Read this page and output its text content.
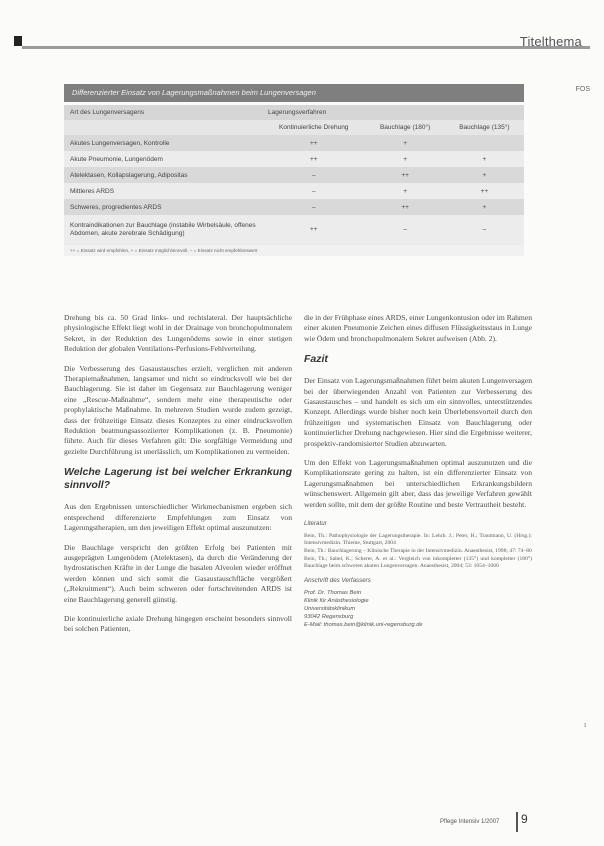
Titelthema
FOS
Differenzierter Einsatz von Lagerungsmaßnahmen beim Lungenversagen
Art des Lungenversagens	Lagerungsverfahren		
	Kontinuierliche Drehung	Bauchlage (180°)	Bauchlage (135°)
Akutes Lungenversagen, Kontrolle	++	+	
Akute Pneumonie, Lungenödem	++	+	+
Atelektasen, Kollapslagerung, Adipositas	–	++	+
Mittleres ARDS	–	+	++
Schweres, progredientes ARDS	–	++	+
Kontraindikationen zur Bauchlage (instabile Wirbelsäule, offenes Abdomen, akute zerebrale Schädigung)	++	–	–
++ = Einsatz wird empfohlen, + = Einsatz möglich/sinnvoll, – = Einsatz nicht empfehlenswert

Drehung bis ca. 50 Grad links- und rechtslateral. Der hauptsächliche physiologische Effekt liegt wohl in der Drainage von bronchopulmonalem Sekret, in der Reduktion des Lungenödems sowie in einer stetigen Reduktion der globalen Ventilations-Perfusions-Fehlverteilung.

Die Verbesserung des Gasaustausches erzielt, verglichen mit anderen Therapiemaßnahmen, langsamer und nicht so eindrucksvoll wie bei der Bauchlagerung. Sie ist daher im Gegensatz zur Bauchlagerung weniger eine „Rescue-Maßnahme“, sondern mehr eine therapeutische oder prophylaktische Maßnahme. In mehreren Studien wurde zudem gezeigt, dass der frühzeitige Einsatz dieses Konzeptes zu einer eindrucksvollen Reduktion beatmungsassoziierter Komplikationen (z. B. Pneumonie) führte. Auch für dieses Verfahren gilt: Die sorgfältige Vermeidung und gezielte Durchführung ist unerlässlich, um Komplikationen zu vermeiden.

Welche Lagerung ist bei welcher Erkrankung sinnvoll?

Aus den Ergebnissen unterschiedlicher Wirkmechanismen ergeben sich entsprechend differenzierte Empfehlungen zum Einsatz von Lagerungstherapien, um den jeweiligen Effekt optimal auszunutzen:

Die Bauchlage verspricht den größten Erfolg bei Patienten mit ausgeprägten Lungenödem (Atelektasen), da durch die Veränderung der hydrostatischen Kräfte in der Lunge die basalen Alveolen wieder eröffnet werden können und sich somit die Gasaustauschfläche vergrößert („Rekruitment“). Auch beim schweren oder fortschreitenden ARDS ist eine Bauchlagerung generell günstig.

Die kontinuierliche axiale Drehung hingegen erscheint besonders sinnvoll bei solchen Patienten,

die in der Frühphase eines ARDS, einer Lungenkontusion oder im Rahmen einer akuten Pneumonie Zeichen eines diffusen Flüssigkeitsstaus in Lunge wie Ödem und bronchopulmonalem Sekret aufweisen (Abb. 2).

Fazit

Der Einsatz von Lagerungsmaßnahmen führt beim akuten Lungenversagen bei der überwiegenden Anzahl von Patienten zur Verbesserung des Gasaustausches – und handelt es sich um ein sinnvolles, unterstützendes Konzept. Allerdings wurde bisher noch kein Überlebensvorteil durch den frühzeitigen und systematischen Einsatz von Bauchlagerung oder kontinuierlicher Drehung nachgewiesen. Hier sind die Ergebnisse weiterer, prospektiv-randomisierter Studien abzuwarten.

Um den Effekt von Lagerungsmaßnahmen optimal auszunutzen und die Komplikationsrate gering zu halten, ist ein differenzierter Einsatz von Lagerungsmaßnahmen bei unterschiedlichen Erkrankungsbildern wünschenswert. Allgemein gilt aber, dass das jeweilige Verfahren gewählt werden sollte, mit dem der größte Routine und beste Vertrautheit besteht.

Literatur

Bein, Th.: Pathophysiologie der Lagerungstherapie. In: Lehrb. J.; Peter, H.; Trautmann, U. (Hrsg.): Intensivmedizin. Thieme, Stuttgart, 2004

Bein, Th.: Bauchlagerung – Klinische Therapie in der Intensivmedizin. Anaesthesist, 1998; 47: 74–80

Bein, Th.; Sabel, K.; Scherer, A. et al.: Vergleich von inkompletter (135°) und kompletter (180°) Bauchlage beim schweren akuten Lungenversagen. Anaesthesist, 2004; 53: 1054–1060

Anschrift des Verfassers

Prof. Dr. Thomas Bein

Klinik für Anästhesiologie

Universitätsklinikum

93042 Regensburg

E-Mail: thomas.bein@klinik.uni-regensburg.de

ı
Pflege Intensiv 1/2007 9
